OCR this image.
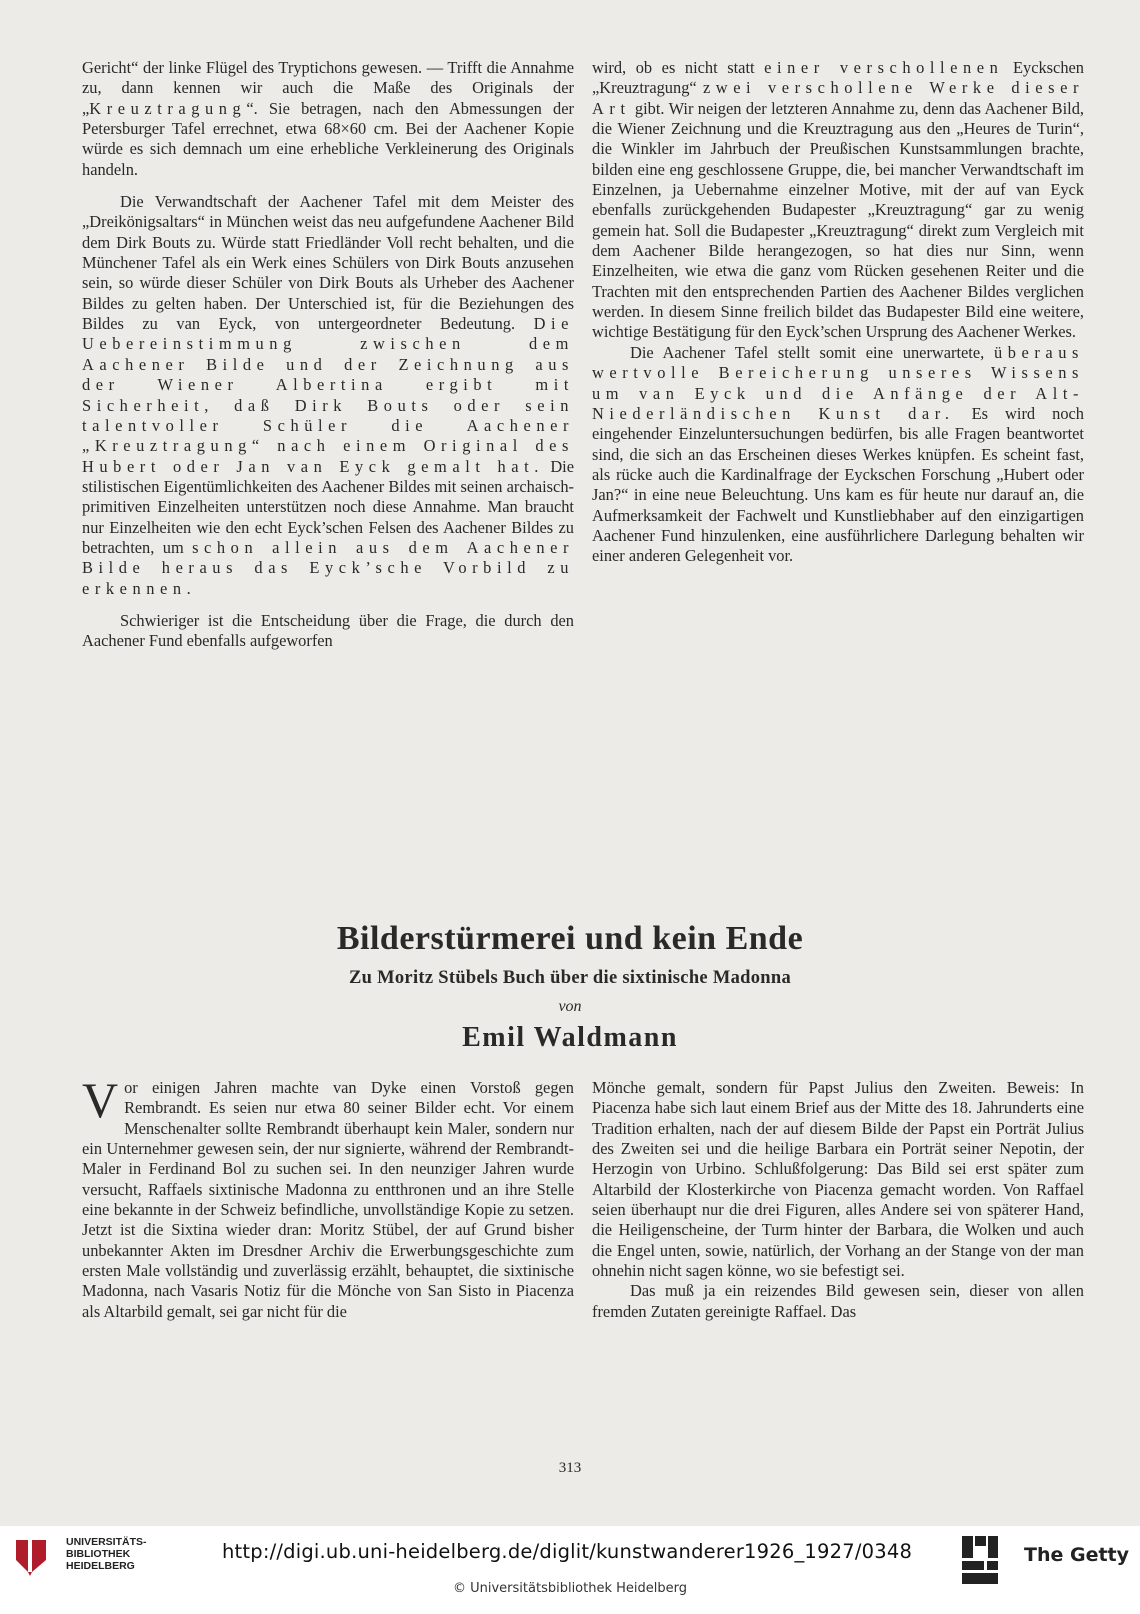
Gericht“ der linke Flügel des Tryptichons gewesen. — Trifft die Annahme zu, dann kennen wir auch die Maße des Originals der „Kreuztragung“. Sie betragen, nach den Abmessungen der Petersburger Tafel errechnet, etwa 68×60 cm. Bei der Aachener Kopie würde es sich demnach um eine erhebliche Verkleinerung des Originals handeln.

Die Verwandtschaft der Aachener Tafel mit dem Meister des „Dreikönigsaltars“ in München weist das neu aufgefundene Aachener Bild dem Dirk Bouts zu. Würde statt Friedländer Voll recht behalten, und die Münchener Tafel als ein Werk eines Schülers von Dirk Bouts anzusehen sein, so würde dieser Schüler von Dirk Bouts als Urheber des Aachener Bildes zu gelten haben. Der Unterschied ist, für die Beziehungen des Bildes zu van Eyck, von untergeordneter Bedeutung. Die Uebereinstimmung zwischen dem Aachener Bilde und der Zeichnung aus der Wiener Albertina ergibt mit Sicherheit, daß Dirk Bouts oder sein talentvoller Schüler die Aachener „Kreuztragung“ nach einem Original des Hubert oder Jan van Eyck gemalt hat. Die stilistischen Eigentümlichkeiten des Aachener Bildes mit seinen archaisch-primitiven Einzelheiten unterstützen noch diese Annahme. Man braucht nur Einzelheiten wie den echt Eyck’schen Felsen des Aachener Bildes zu betrachten, um schon allein aus dem Aachener Bilde heraus das Eyck’sche Vorbild zu erkennen.

Schwieriger ist die Entscheidung über die Frage, die durch den Aachener Fund ebenfalls aufgeworfen

wird, ob es nicht statt einer verschollenen Eyckschen „Kreuztragung“ zwei verschollene Werke dieser Art gibt. Wir neigen der letzteren Annahme zu, denn das Aachener Bild, die Wiener Zeichnung und die Kreuztragung aus den „Heures de Turin“, die Winkler im Jahrbuch der Preußischen Kunstsammlungen brachte, bilden eine eng geschlossene Gruppe, die, bei mancher Verwandtschaft im Einzelnen, ja Uebernahme einzelner Motive, mit der auf van Eyck ebenfalls zurückgehenden Budapester „Kreuztragung“ gar zu wenig gemein hat. Soll die Budapester „Kreuztragung“ direkt zum Vergleich mit dem Aachener Bilde herangezogen, so hat dies nur Sinn, wenn Einzelheiten, wie etwa die ganz vom Rücken gesehenen Reiter und die Trachten mit den entsprechenden Partien des Aachener Bildes verglichen werden. In diesem Sinne freilich bildet das Budapester Bild eine weitere, wichtige Bestätigung für den Eyck’schen Ursprung des Aachener Werkes.

Die Aachener Tafel stellt somit eine unerwartete, überaus wertvolle Bereicherung unseres Wissens um van Eyck und die Anfänge der Alt-Niederländischen Kunst dar. Es wird noch eingehender Einzeluntersuchungen bedürfen, bis alle Fragen beantwortet sind, die sich an das Erscheinen dieses Werkes knüpfen. Es scheint fast, als rücke auch die Kardinalfrage der Eyckschen Forschung „Hubert oder Jan?“ in eine neue Beleuchtung. Uns kam es für heute nur darauf an, die Aufmerksamkeit der Fachwelt und Kunstliebhaber auf den einzigartigen Aachener Fund hinzulenken, eine ausführlichere Darlegung behalten wir einer anderen Gelegenheit vor.

Bilderstürmerei und kein Ende
Zu Moritz Stübels Buch über die sixtinische Madonna
von
Emil Waldmann

Vor einigen Jahren machte van Dyke einen Vorstoß gegen Rembrandt. Es seien nur etwa 80 seiner Bilder echt. Vor einem Menschenalter sollte Rembrandt überhaupt kein Maler, sondern nur ein Unternehmer gewesen sein, der nur signierte, während der Rembrandt-Maler in Ferdinand Bol zu suchen sei. In den neunziger Jahren wurde versucht, Raffaels sixtinische Madonna zu entthronen und an ihre Stelle eine bekannte in der Schweiz befindliche, unvollständige Kopie zu setzen. Jetzt ist die Sixtina wieder dran: Moritz Stübel, der auf Grund bisher unbekannter Akten im Dresdner Archiv die Erwerbungsgeschichte zum ersten Male vollständig und zuverlässig erzählt, behauptet, die sixtinische Madonna, nach Vasaris Notiz für die Mönche von San Sisto in Piacenza als Altarbild gemalt, sei gar nicht für die

Mönche gemalt, sondern für Papst Julius den Zweiten. Beweis: In Piacenza habe sich laut einem Brief aus der Mitte des 18. Jahrunderts eine Tradition erhalten, nach der auf diesem Bilde der Papst ein Porträt Julius des Zweiten sei und die heilige Barbara ein Porträt seiner Nepotin, der Herzogin von Urbino. Schlußfolgerung: Das Bild sei erst später zum Altarbild der Klosterkirche von Piacenza gemacht worden. Von Raffael seien überhaupt nur die drei Figuren, alles Andere sei von späterer Hand, die Heiligenscheine, der Turm hinter der Barbara, die Wolken und auch die Engel unten, sowie, natürlich, der Vorhang an der Stange von der man ohnehin nicht sagen könne, wo sie befestigt sei.

Das muß ja ein reizendes Bild gewesen sein, dieser von allen fremden Zutaten gereinigte Raffael. Das

313
UNIVERSITÄTS- BIBLIOTHEK HEIDELBERG
http://digi.ub.uni-heidelberg.de/diglit/kunstwanderer1926_1927/0348
© Universitätsbibliothek Heidelberg
The Getty
